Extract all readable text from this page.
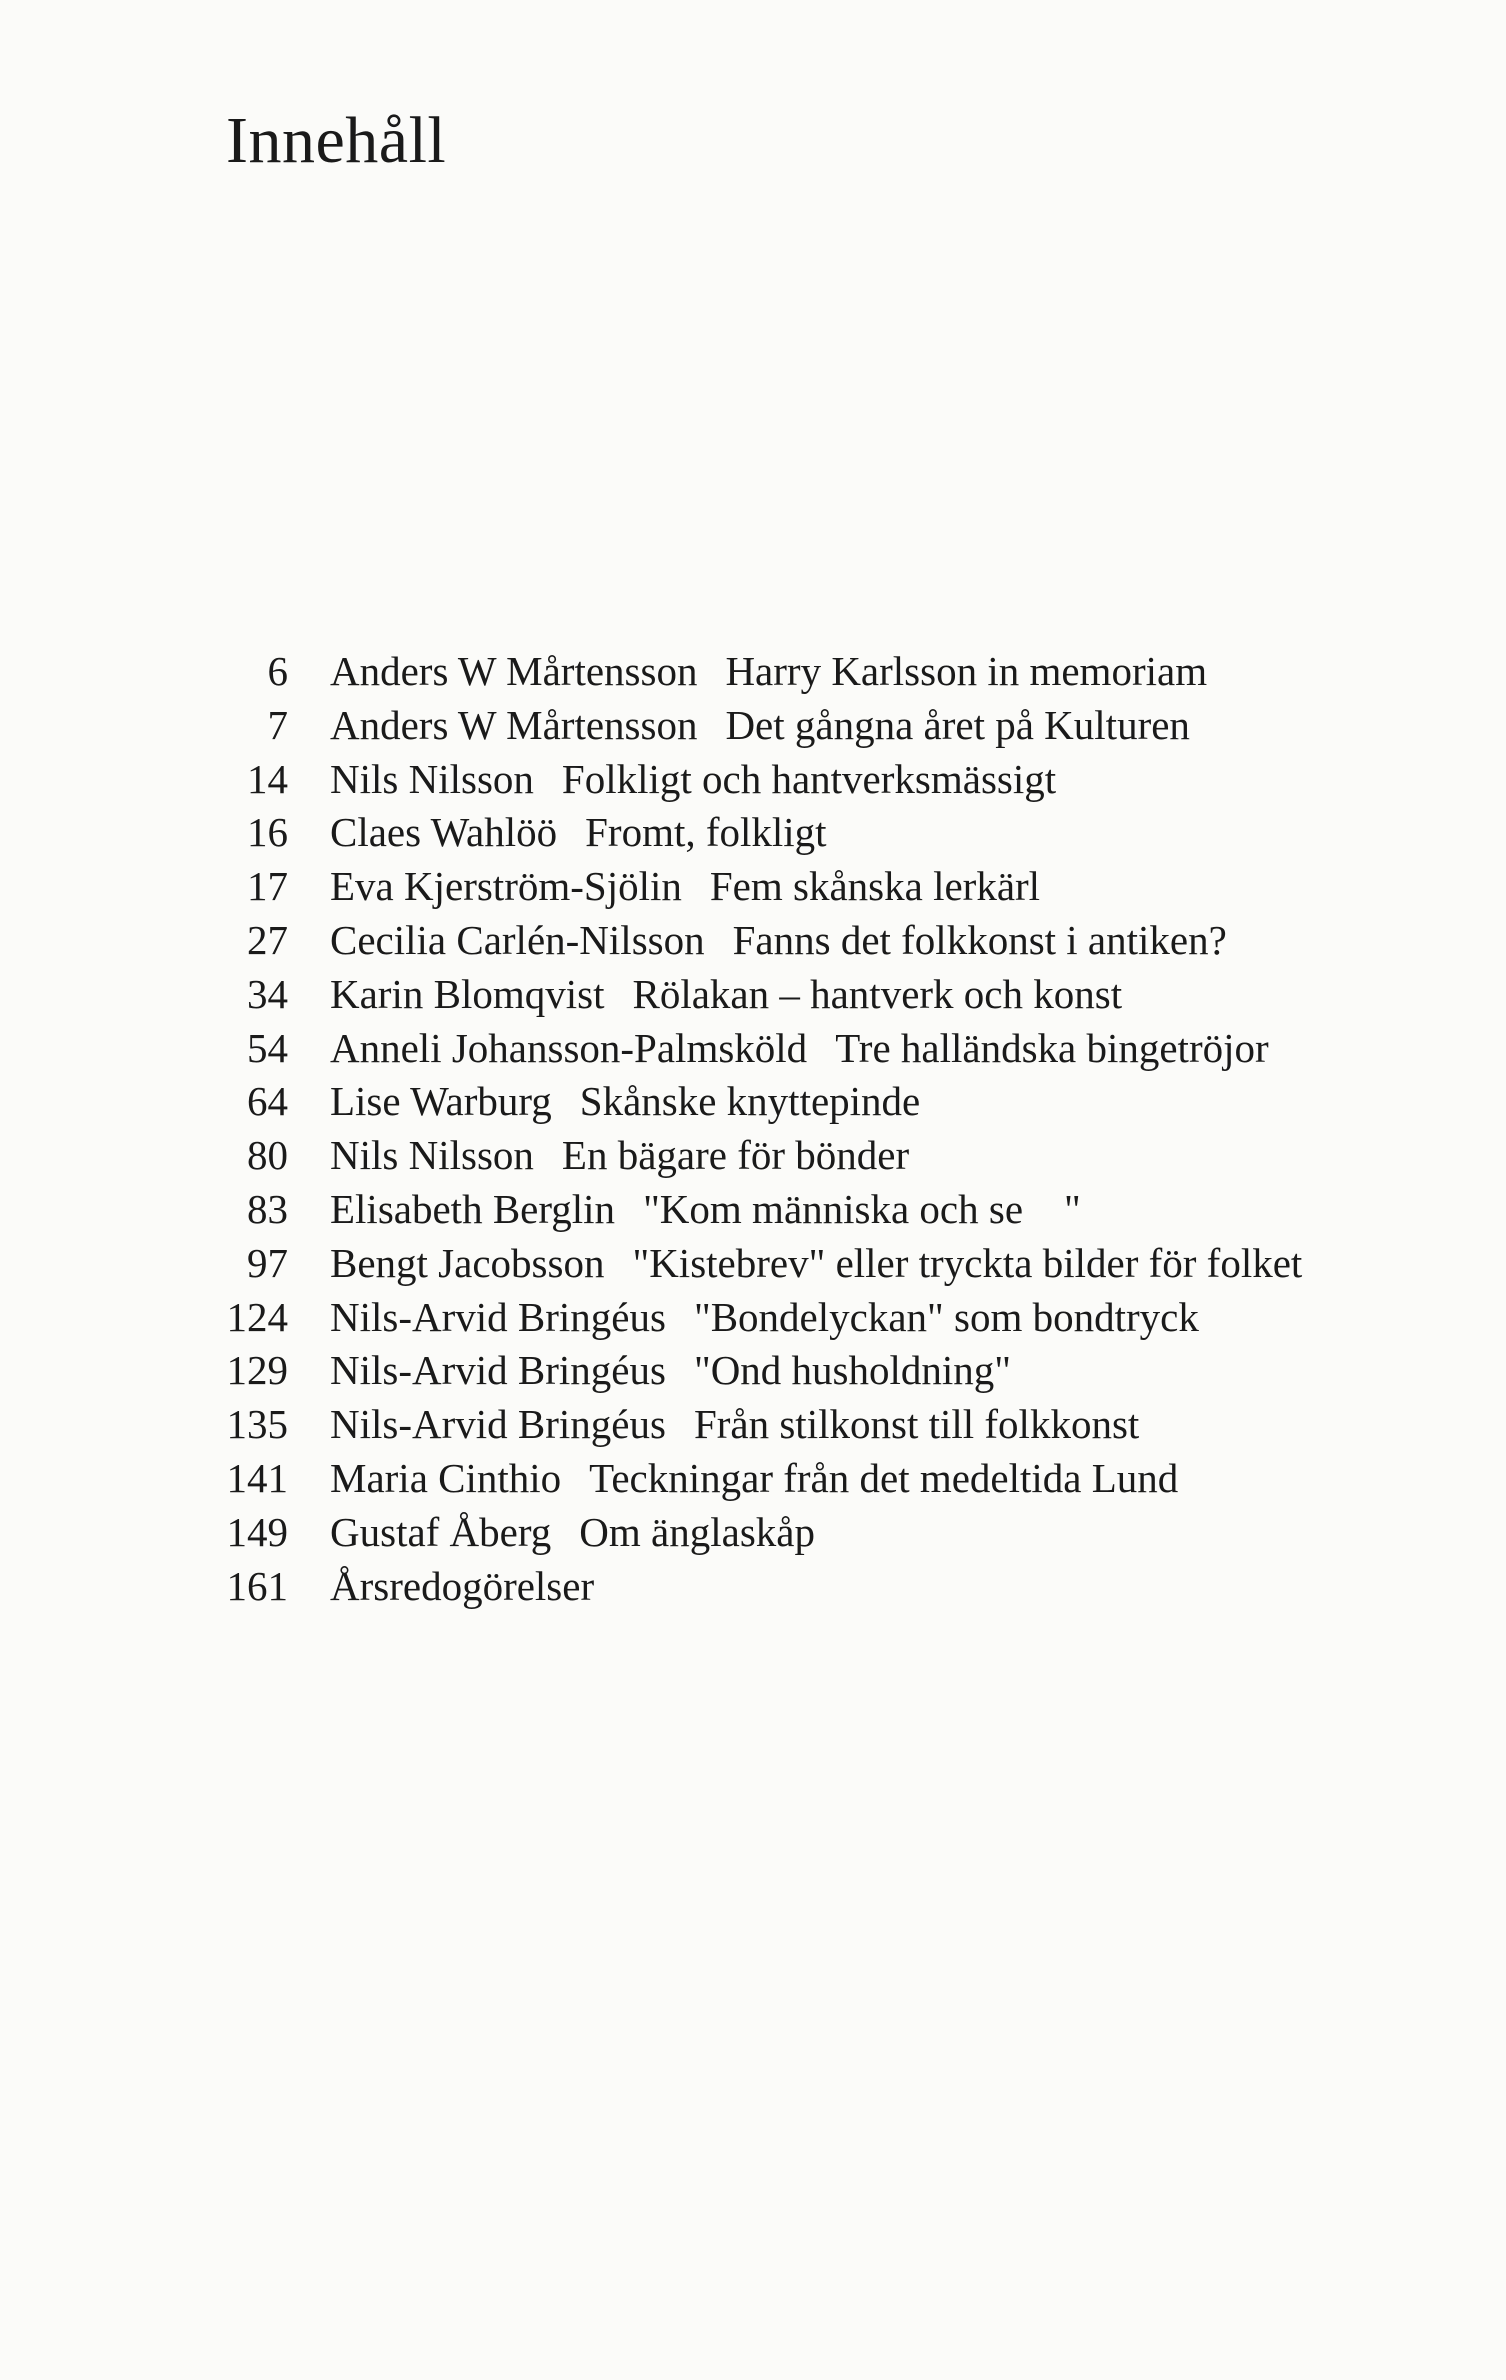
Innehåll
6 Anders W Mårtensson Harry Karlsson in memoriam
7 Anders W Mårtensson Det gångna året på Kulturen
14 Nils Nilsson Folkligt och hantverksmässigt
16 Claes Wahlöö Fromt, folkligt
17 Eva Kjerström-Sjölin Fem skånska lerkärl
27 Cecilia Carlén-Nilsson Fanns det folkkonst i antiken?
34 Karin Blomqvist Rölakan – hantverk och konst
54 Anneli Johansson-Palmsköld Tre halländska bingetröjor
64 Lise Warburg Skånske knyttepinde
80 Nils Nilsson En bägare för bönder
83 Elisabeth Berglin "Kom människa och se    "
97 Bengt Jacobsson "Kistebrev" eller tryckta bilder för folket
124 Nils-Arvid Bringéus "Bondelyckan" som bondtryck
129 Nils-Arvid Bringéus "Ond husholdning"
135 Nils-Arvid Bringéus Från stilkonst till folkkonst
141 Maria Cinthio Teckningar från det medeltida Lund
149 Gustaf Åberg Om änglaskåp
161 Årsredogörelser
